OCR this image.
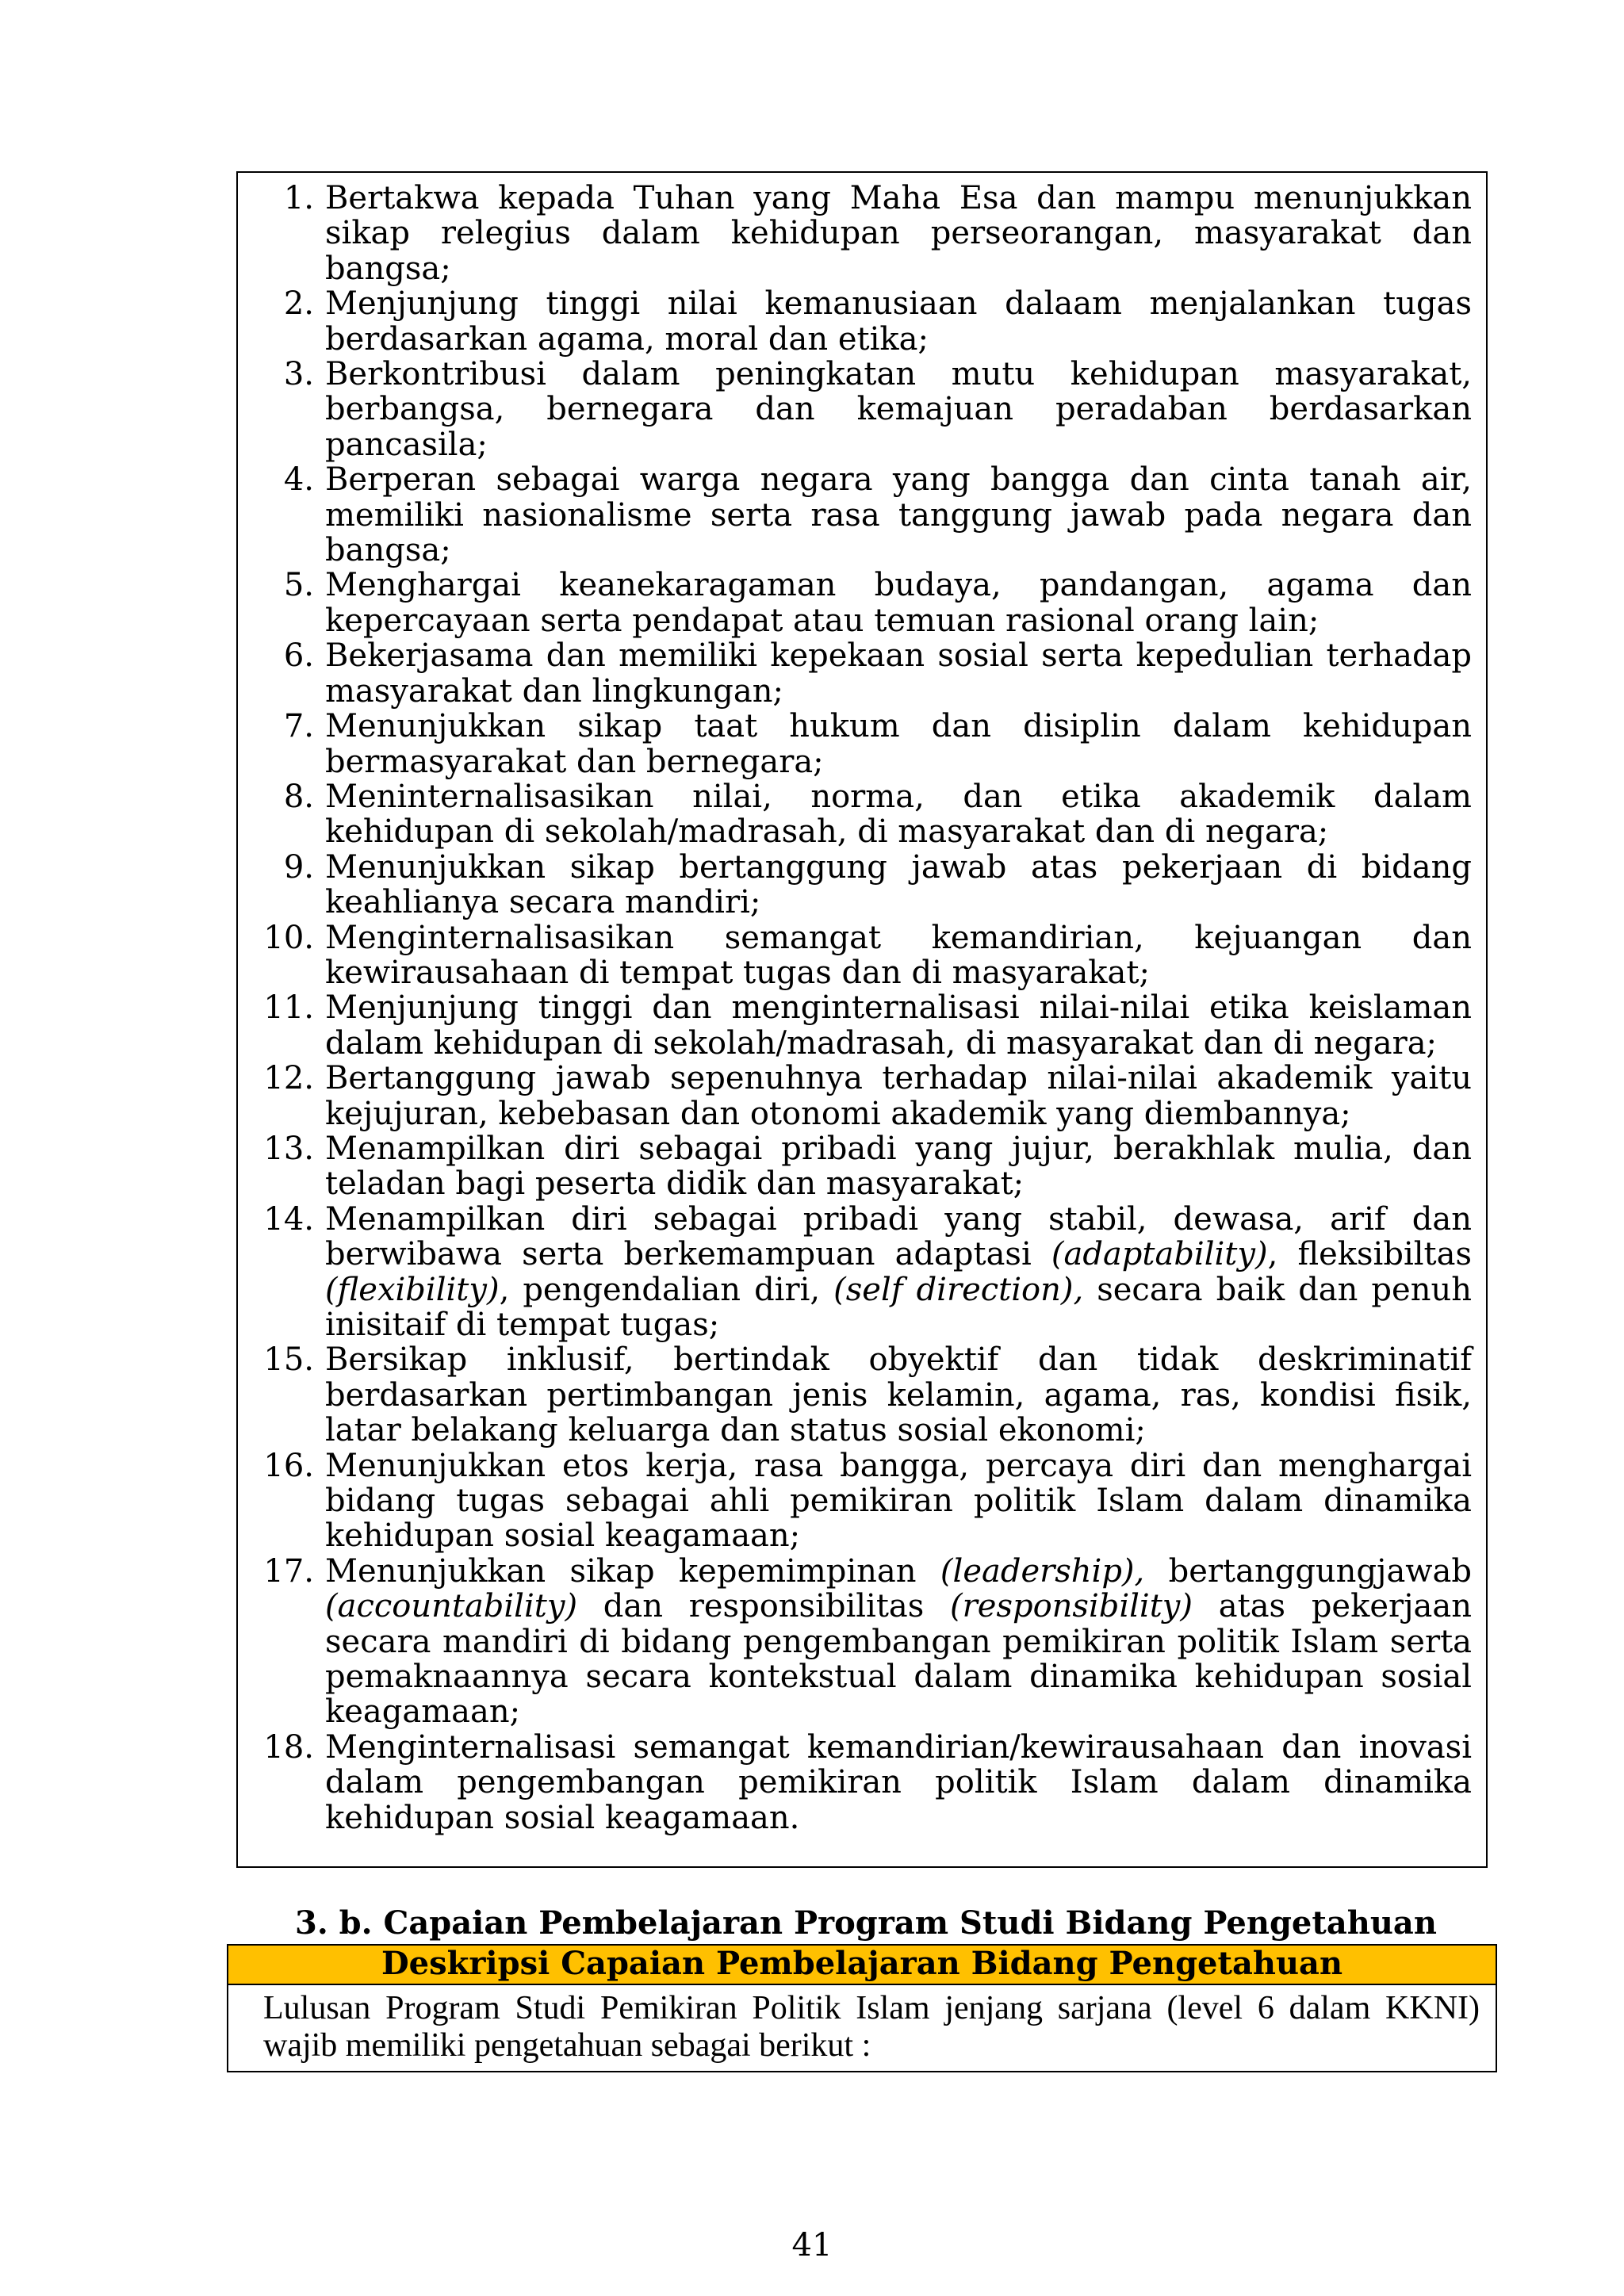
1. Bertakwa kepada Tuhan yang Maha Esa dan mampu menunjukkan sikap relegius dalam kehidupan perseorangan, masyarakat dan bangsa;
2. Menjunjung tinggi nilai kemanusiaan dalaam menjalankan tugas berdasarkan agama, moral dan etika;
3. Berkontribusi dalam peningkatan mutu kehidupan masyarakat, berbangsa, bernegara dan kemajuan peradaban berdasarkan pancasila;
4. Berperan sebagai warga negara yang bangga dan cinta tanah air, memiliki nasionalisme serta rasa tanggung jawab pada negara dan bangsa;
5. Menghargai keanekaragaman budaya, pandangan, agama dan kepercayaan serta pendapat atau temuan rasional orang lain;
6. Bekerjasama dan memiliki kepekaan sosial serta kepedulian terhadap masyarakat dan lingkungan;
7. Menunjukkan sikap taat hukum dan disiplin dalam kehidupan bermasyarakat dan bernegara;
8. Meninternalisasikan nilai, norma, dan etika akademik dalam kehidupan di sekolah/madrasah, di masyarakat dan di negara;
9. Menunjukkan sikap bertanggung jawab atas pekerjaan di bidang keahlianya secara mandiri;
10. Menginternalisasikan semangat kemandirian, kejuangan dan kewirausahaan di tempat tugas dan di masyarakat;
11. Menjunjung tinggi dan menginternalisasi nilai-nilai etika keislaman dalam kehidupan di sekolah/madrasah, di masyarakat dan di negara;
12. Bertanggung jawab sepenuhnya terhadap nilai-nilai akademik yaitu kejujuran, kebebasan dan otonomi akademik yang diembannya;
13. Menampilkan diri sebagai pribadi yang jujur, berakhlak mulia, dan teladan bagi peserta didik dan masyarakat;
14. Menampilkan diri sebagai pribadi yang stabil, dewasa, arif dan berwibawa serta berkemampuan adaptasi (adaptability), fleksibiltas (flexibility), pengendalian diri, (self direction), secara baik dan penuh inisitaif di tempat tugas;
15. Bersikap inklusif, bertindak obyektif dan tidak deskriminatif berdasarkan pertimbangan jenis kelamin, agama, ras, kondisi fisik, latar belakang keluarga dan status sosial ekonomi;
16. Menunjukkan etos kerja, rasa bangga, percaya diri dan menghargai bidang tugas sebagai ahli pemikiran politik Islam dalam dinamika kehidupan sosial keagamaan;
17. Menunjukkan sikap kepemimpinan (leadership), bertanggungjawab (accountability) dan responsibilitas (responsibility) atas pekerjaan secara mandiri di bidang pengembangan pemikiran politik Islam serta pemaknaannya secara kontekstual dalam dinamika kehidupan sosial keagamaan;
18. Menginternalisasi semangat kemandirian/kewirausahaan dan inovasi dalam pengembangan pemikiran politik Islam dalam dinamika kehidupan sosial keagamaan.
3. b. Capaian Pembelajaran Program Studi Bidang Pengetahuan
Deskripsi Capaian Pembelajaran Bidang Pengetahuan
Lulusan Program Studi Pemikiran Politik Islam jenjang sarjana (level 6 dalam KKNI) wajib memiliki pengetahuan sebagai berikut :
41
